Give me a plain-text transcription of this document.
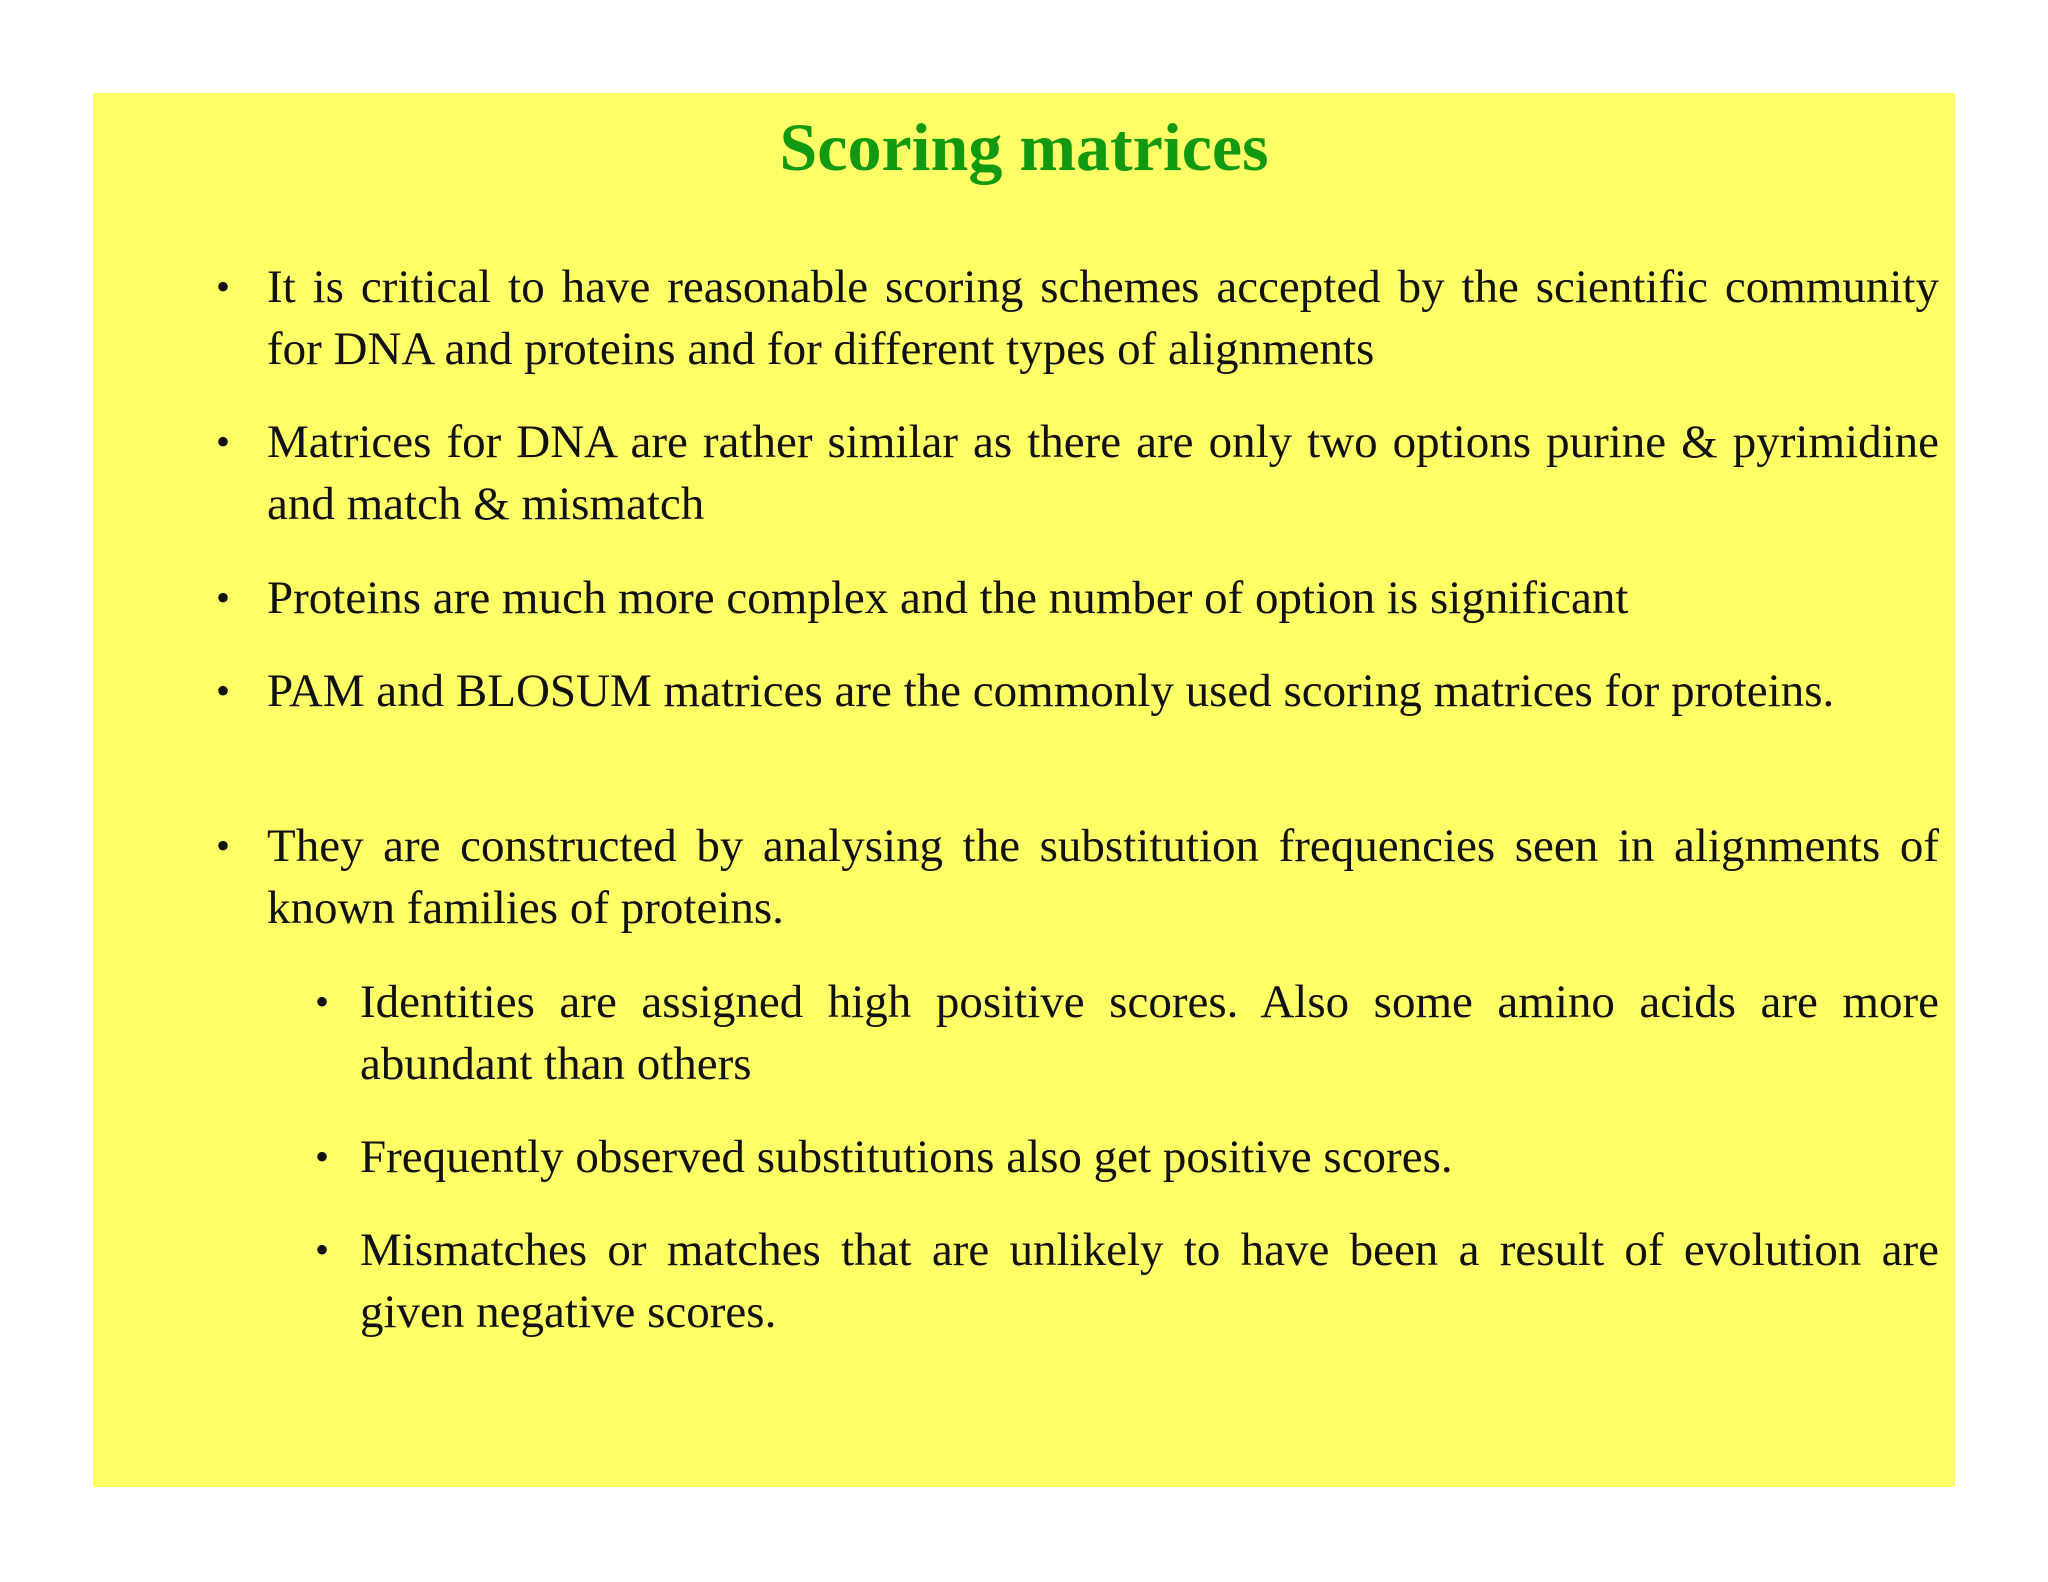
Scoring matrices
• It is critical to have reasonable scoring schemes accepted by the scientific community for DNA and proteins and for different types of alignments
• Matrices for DNA are rather similar as there are only two options purine & pyrimidine and match & mismatch
• Proteins are much more complex and the number of option is significant
• PAM and BLOSUM matrices are the commonly used scoring matrices for proteins.
• They are constructed by analysing the substitution frequencies seen in alignments of known families of proteins.
• Identities are assigned high positive scores. Also some amino acids are more abundant than others
• Frequently observed substitutions also get positive scores.
• Mismatches or matches that are unlikely to have been a result of evolution are given negative scores.
